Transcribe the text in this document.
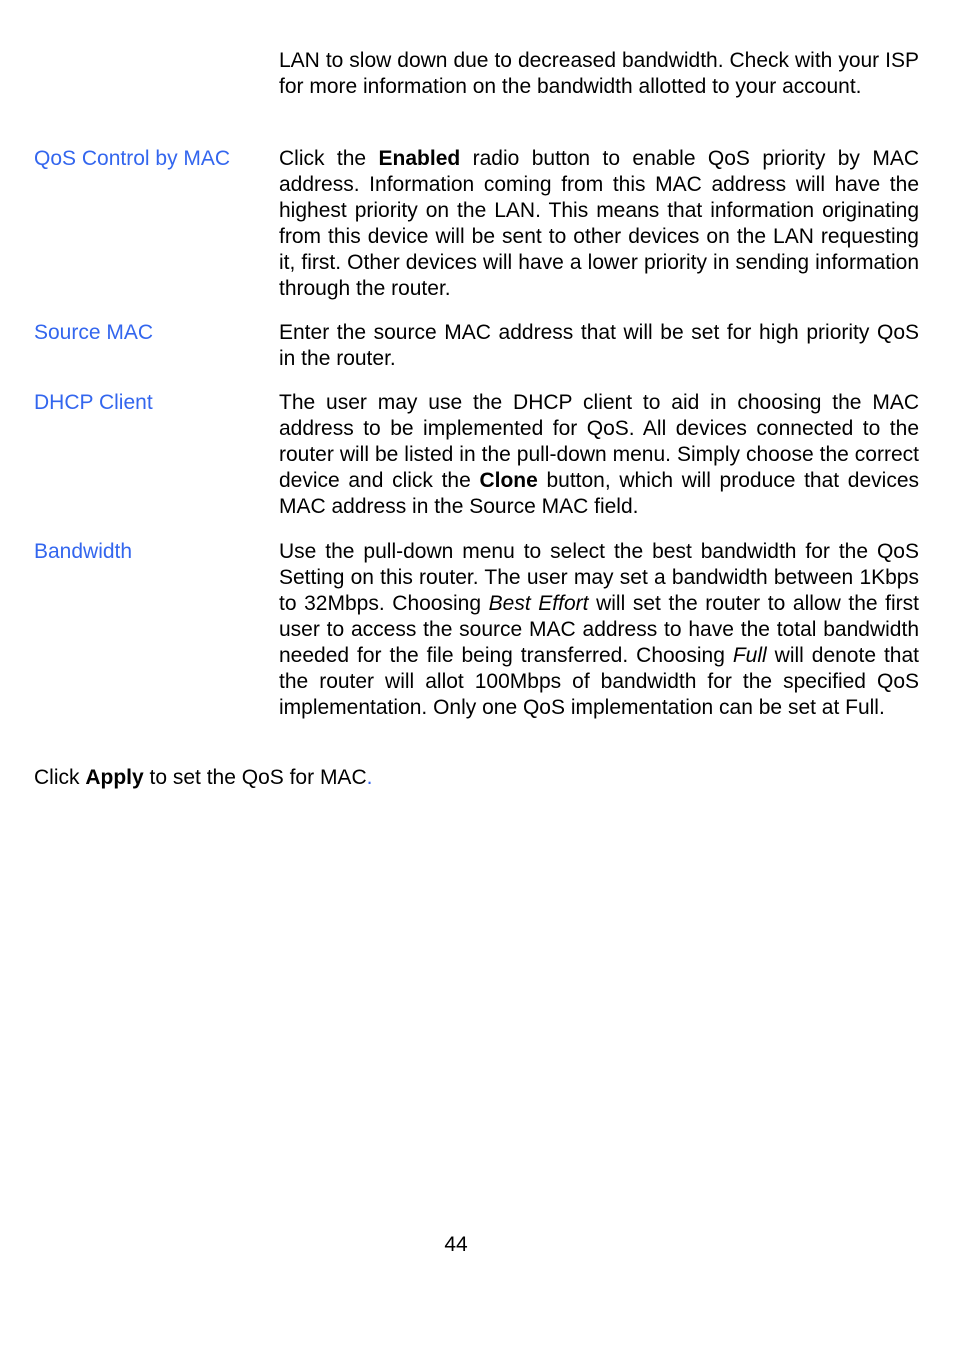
LAN to slow down due to decreased bandwidth. Check with your ISP for more information on the bandwidth allotted to your account.
QoS Control by MAC	Click the Enabled radio button to enable QoS priority by MAC address. Information coming from this MAC address will have the highest priority on the LAN. This means that information originating from this device will be sent to other devices on the LAN requesting it, first. Other devices will have a lower priority in sending information through the router.
Source MAC	Enter the source MAC address that will be set for high priority QoS in the router.
DHCP Client	The user may use the DHCP client to aid in choosing the MAC address to be implemented for QoS. All devices connected to the router will be listed in the pull-down menu. Simply choose the correct device and click the Clone button, which will produce that devices MAC address in the Source MAC field.
Bandwidth	Use the pull-down menu to select the best bandwidth for the QoS Setting on this router. The user may set a bandwidth between 1Kbps to 32Mbps. Choosing Best Effort will set the router to allow the first user to access the source MAC address to have the total bandwidth needed for the file being transferred. Choosing Full will denote that the router will allot 100Mbps of bandwidth for the specified QoS implementation. Only one QoS implementation can be set at Full.
Click Apply to set the QoS for MAC.
44
